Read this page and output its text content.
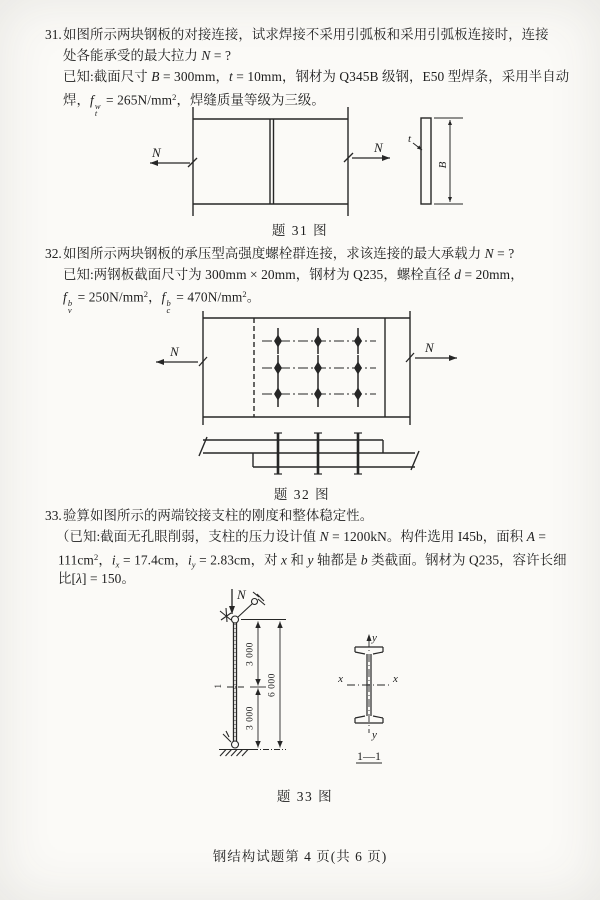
31. 如图所示两块钢板的对接连接，试求焊接不采用引弧板和采用引弧板连接时，连接
处各能承受的最大拉力 N = ?
已知:截面尺寸 B = 300mm，t = 10mm，钢材为 Q345B 级钢，E50 型焊条，采用半自动
焊，f w
t
= $265N/mm^2$，焊缝质量等级为三级。
N	N
t
B
题 31 图
32. 如图所示两块钢板的承压型高强度螺栓群连接，求该连接的最大承载力 N = ?
已知:两钢板截面尺寸为 300mm × 20mm，钢材为 Q235，螺栓直径 d = 20mm，
f b
v
= $250N/mm^2$，f b
c
= $470N/mm^2$。
N	N
题 32 图
33. 验算如图所示的两端铰接支柱的刚度和整体稳定性。
（已知:截面无孔眼削弱，支柱的压力设计值 N = 1200kN。构件选用 I45b，面积 A =
$111cm^2$，$i_x = 17.4cm$，$i_y = 2.83cm$，对 x 和 y 轴都是 b 类截面。钢材为 Q235，容许长细
比[λ] = 150。
N
1
3 000
3 000
6 000	x	x
y
y
1—1
题 33 图
钢结构试题第 4 页(共 6 页)
